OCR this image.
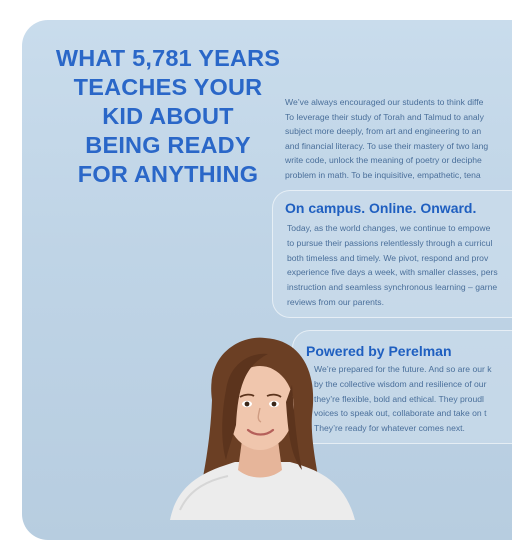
WHAT 5,781 YEARS
TEACHES YOUR
KID ABOUT
BEING READY
FOR ANYTHING

We’ve always encouraged our students to think diffe
To leverage their study of Torah and Talmud to analy
subject more deeply, from art and engineering to an
and financial literacy. To use their mastery of two lang
write code, unlock the meaning of poetry or deciphe
problem in math. To be inquisitive, empathetic, tena

On campus. Online. Onward.

Today, as the world changes, we continue to empowe
to pursue their passions relentlessly through a curricul
both timeless and timely. We pivot, respond and prov
experience five days a week, with smaller classes, pers
instruction and seamless synchronous learning – garne
reviews from our parents.

Powered by Perelman

We’re prepared for the future. And so are our k
by the collective wisdom and resilience of our
they’re flexible, bold and ethical. They proudl
voices to speak out, collaborate and take on t
They’re ready for whatever comes next.
